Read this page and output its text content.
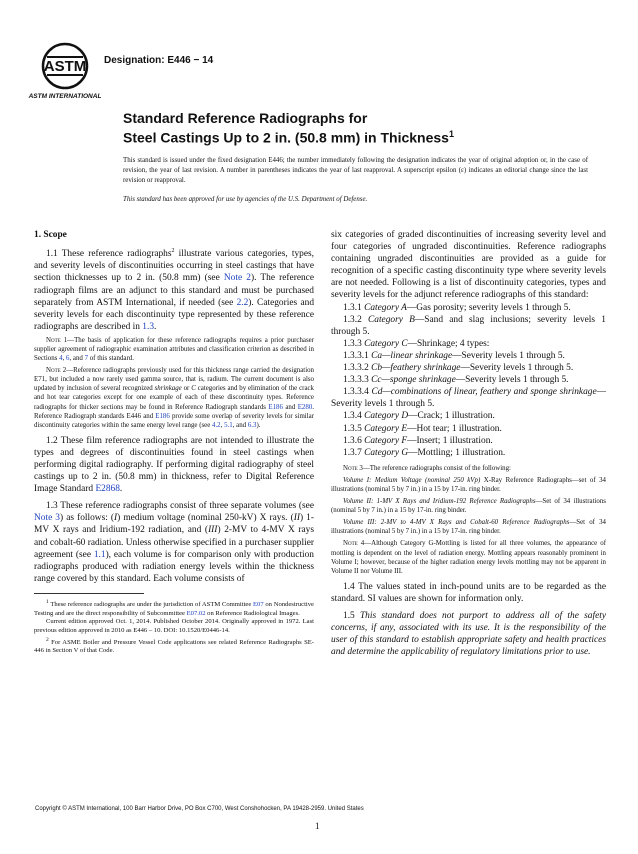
ASTM
ASTM INTERNATIONAL
Designation: E446 − 14
Standard Reference Radiographs for
Steel Castings Up to 2 in. (50.8 mm) in Thickness$^1$
This standard is issued under the fixed designation E446; the number immediately following the designation indicates the year of original adoption or, in the case of revision, the year of last revision. A number in parentheses indicates the year of last reapproval. A superscript epsilon (ε) indicates an editorial change since the last revision or reapproval.
This standard has been approved for use by agencies of the U.S. Department of Defense.

1. Scope

1.1 These reference radiographs$^2$ illustrate various categories, types, and severity levels of discontinuities occurring in steel castings that have section thicknesses up to 2 in. (50.8 mm) (see Note 2). The reference radiograph films are an adjunct to this standard and must be purchased separately from ASTM International, if needed (see 2.2). Categories and severity levels for each discontinuity type represented by these reference radiographs are described in 1.3.

Note 1—The basis of application for these reference radiographs requires a prior purchaser supplier agreement of radiographic examination attributes and classification criterion as described in Sections 4, 6, and 7 of this standard.

Note 2—Reference radiographs previously used for this thickness range carried the designation E71, but included a now rarely used gamma source, that is, radium. The current document is also updated by inclusion of several recognized shrinkage or C categories and by elimination of the crack and hot tear categories except for one example of each of these discontinuity types. Reference radiographs for thicker sections may be found in Reference Radiograph standards E186 and E280. Reference Radiograph standards E446 and E186 provide some overlap of severity levels for similar discontinuity categories within the same energy level range (see 4.2, 5.1, and 6.3).

1.2 These film reference radiographs are not intended to illustrate the types and degrees of discontinuities found in steel castings when performing digital radiography. If performing digital radiography of steel castings up to 2 in. (50.8 mm) in thickness, refer to Digital Reference Image Standard E2868.

1.3 These reference radiographs consist of three separate volumes (see Note 3) as follows: (I) medium voltage (nominal 250-kV) X rays. (II) 1-MV X rays and Iridium-192 radiation, and (III) 2-MV to 4-MV X rays and cobalt-60 radiation. Unless otherwise specified in a purchaser supplier agreement (see 1.1), each volume is for comparison only with production radiographs produced with radiation energy levels within the thickness range covered by this standard. Each volume consists of

$^1$ These reference radiographs are under the jurisdiction of ASTM Committee E07 on Nondestructive Testing and are the direct responsibility of Subcommittee E07.02 on Reference Radiological Images.

Current edition approved Oct. 1, 2014. Published October 2014. Originally approved in 1972. Last previous edition approved in 2010 as E446 – 10. DOI: 10.1520/E0446-14.

$^2$ For ASME Boiler and Pressure Vessel Code applications see related Reference Radiographs SE-446 in Section V of that Code.

six categories of graded discontinuities of increasing severity level and four categories of ungraded discontinuities. Reference radiographs containing ungraded discontinuities are provided as a guide for recognition of a specific casting discontinuity type where severity levels are not needed. Following is a list of discontinuity categories, types and severity levels for the adjunct reference radiographs of this standard:

1.3.1 Category A—Gas porosity; severity levels 1 through 5.

1.3.2 Category B—Sand and slag inclusions; severity levels 1 through 5.

1.3.3 Category C—Shrinkage; 4 types:

1.3.3.1 Ca—linear shrinkage—Severity levels 1 through 5.

1.3.3.2 Cb—feathery shrinkage—Severity levels 1 through 5.

1.3.3.3 Cc—sponge shrinkage—Severity levels 1 through 5.

1.3.3.4 Cd—combinations of linear, feathery and sponge shrinkage—Severity levels 1 through 5.

1.3.4 Category D—Crack; 1 illustration.

1.3.5 Category E—Hot tear; 1 illustration.

1.3.6 Category F—Insert; 1 illustration.

1.3.7 Category G—Mottling; 1 illustration.

Note 3—The reference radiographs consist of the following:

Volume I: Medium Voltage (nominal 250 kVp) X-Ray Reference Radiographs—set of 34 illustrations (nominal 5 by 7 in.) in a 15 by 17-in. ring binder.

Volume II: 1-MV X Rays and Iridium-192 Reference Radiographs—Set of 34 illustrations (nominal 5 by 7 in.) in a 15 by 17-in. ring binder.

Volume III: 2-MV to 4-MV X Rays and Cobalt-60 Reference Radiographs—Set of 34 illustrations (nominal 5 by 7 in.) in a 15 by 17-in. ring binder.

Note 4—Although Category G-Mottling is listed for all three volumes, the appearance of mottling is dependent on the level of radiation energy. Mottling appears reasonably prominent in Volume I; however, because of the higher radiation energy levels mottling may not be apparent in Volume II nor Volume III.

1.4 The values stated in inch-pound units are to be regarded as the standard. SI values are shown for information only.

1.5 This standard does not purport to address all of the safety concerns, if any, associated with its use. It is the responsibility of the user of this standard to establish appropriate safety and health practices and determine the applicability of regulatory limitations prior to use.

Copyright © ASTM International, 100 Barr Harbor Drive, PO Box C700, West Conshohocken, PA 19428-2959. United States
1
